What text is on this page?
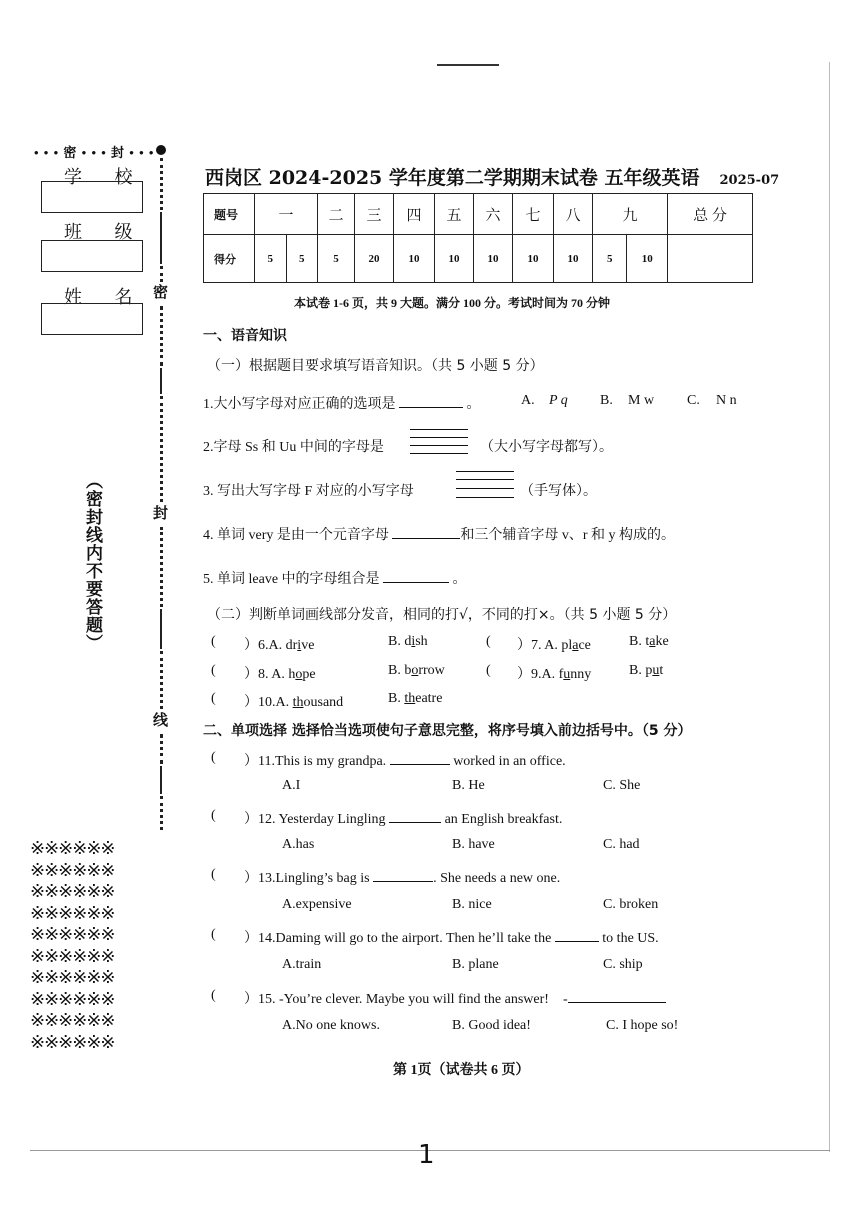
• • • 密 • • • 封 • • •
学 校
班 级
姓 名 密
封
线
（密封线内不要答题）
※※※※※※
※※※※※※
※※※※※※
※※※※※※
※※※※※※
※※※※※※
※※※※※※
※※※※※※
※※※※※※
※※※※※※
西岗区 2024-2025 学年度第二学期期末试卷 五年级英语 2025-07
题号	一		二	三	四	五	六	七	八	九		总 分
得分	5	5	5	20	10	10	10	10	10	5	10	
本试卷 1-6 页，共 9 大题。满分 100 分。考试时间为 70 分钟
一、语音知识
（一）根据题目要求填写语音知识。（共 5 小题 5 分）
1.大小写字母对应正确的选项是	。	A. P q B. M w C. N n
2.字母 Ss 和 Uu 中间的字母是	（大小写字母都写）。
3. 写出大写字母 F 对应的小写字母	（手写体）。
4. 单词 very 是由一个元音字母	和三个辅音字母 v、r 和 y 构成的。
5. 单词 leave 中的字母组合是	。
（二）判断单词画线部分发音，相同的打√，不同的打×。（共 5 小题 5 分）
( ）6.A. drive	B. dish	( ）7. A. place	B. take
( ）8. A. hope	B. borrow	( ）9.A. funny	B. put
( ）10.A. thousand	B. theatre
二、单项选择 选择恰当选项使句子意思完整，将序号填入前边括号中。（5 分）
( ）11.This is my grandpa.	worked in an office.
A.I	B. He	C. She
( ）12. Yesterday Lingling	an English breakfast.
A.has	B. have	C. had
( ）13.Lingling’s bag is	. She needs a new one.
A.expensive	B. nice	C. broken
( ）14.Daming will go to the airport. Then he’ll take the	to the US.
A.train	B. plane	C. ship
( ）15. -You’re clever. Maybe you will find the answer! -
A.No one knows.	B. Good idea!	C. I hope so!
第 1页（试卷共 6 页）
1
